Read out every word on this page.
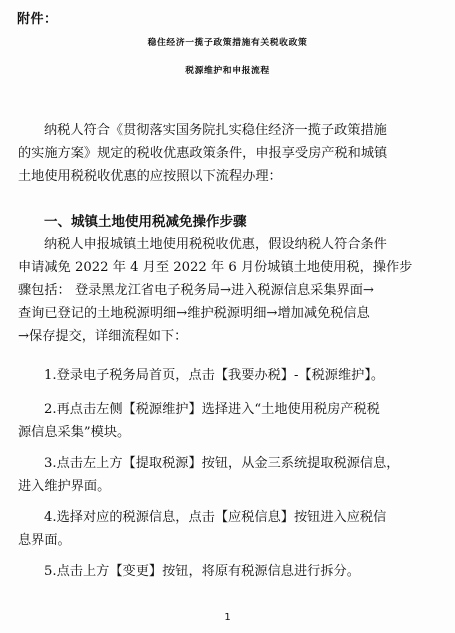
附件：
稳住经济一揽子政策措施有关税收政策
税源维护和申报流程
纳税人符合《贯彻落实国务院扎实稳住经济一揽子政策措施
的实施方案》规定的税收优惠政策条件，申报享受房产税和城镇
土地使用税税收优惠的应按照以下流程办理：
一、城镇土地使用税减免操作步骤
纳税人申报城镇土地使用税税收优惠，假设纳税人符合条件
申请减免 2022 年 4 月至 2022 年 6 月份城镇土地使用税，操作步
骤包括： 登录黑龙江省电子税务局→进入税源信息采集界面→
查询已登记的土地税源明细→维护税源明细→增加减免税信息
→保存提交，详细流程如下：
1.登录电子税务局首页，点击【我要办税】-【税源维护】。
2.再点击左侧【税源维护】选择进入“土地使用税房产税税
源信息采集”模块。
3.点击左上方【提取税源】按钮，从金三系统提取税源信息，
进入维护界面。
4.选择对应的税源信息，点击【应税信息】按钮进入应税信
息界面。
5.点击上方【变更】按钮，将原有税源信息进行拆分。
1
